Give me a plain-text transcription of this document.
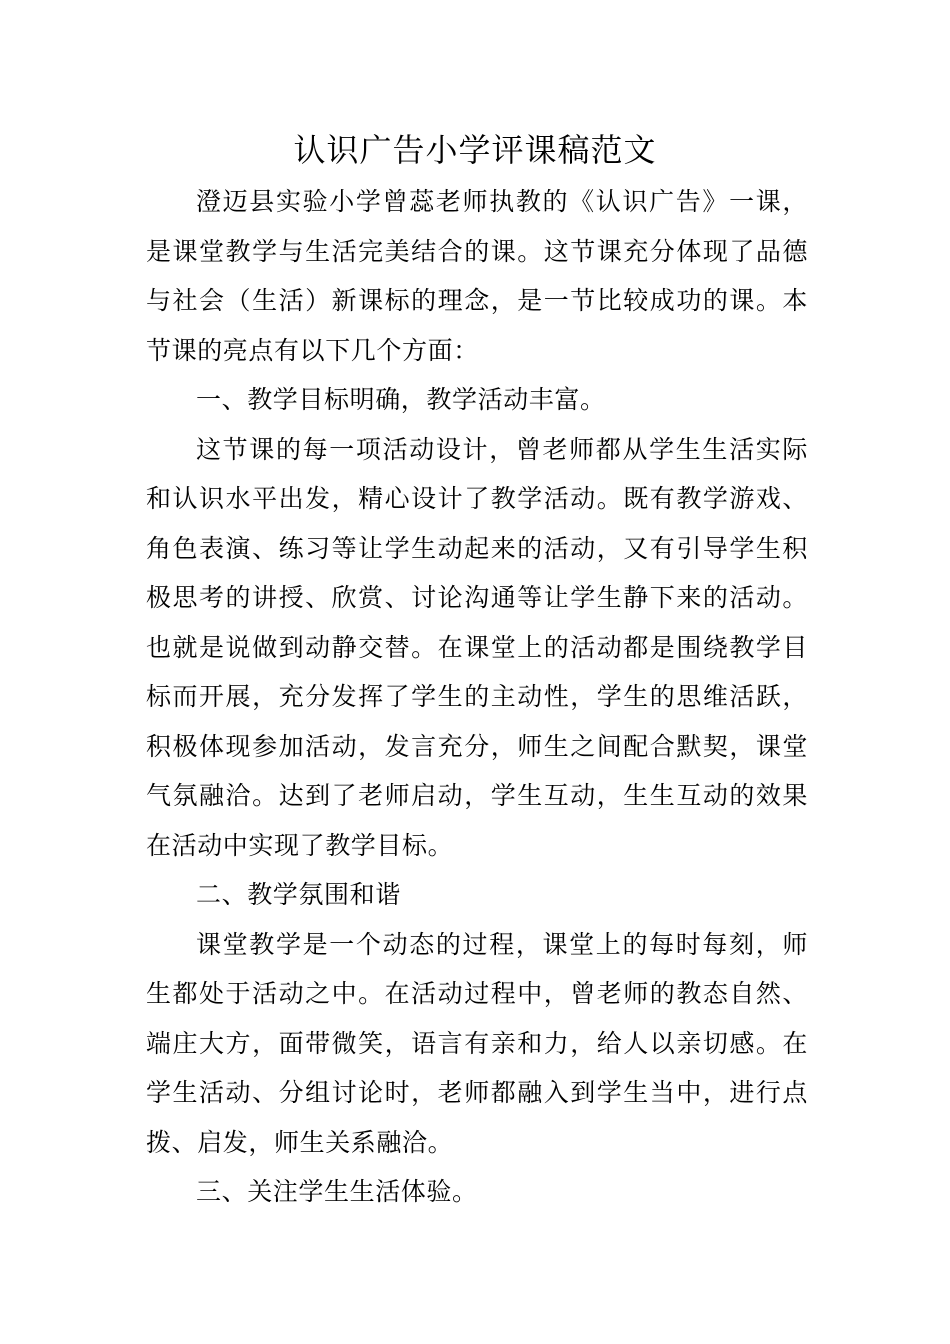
认识广告小学评课稿范文

澄迈县实验小学曾蕊老师执教的《认识广告》一课，是课堂教学与生活完美结合的课。这节课充分体现了品德与社会（生活）新课标的理念，是一节比较成功的课。本节课的亮点有以下几个方面：

一、教学目标明确，教学活动丰富。

这节课的每一项活动设计，曾老师都从学生生活实际和认识水平出发，精心设计了教学活动。既有教学游戏、角色表演、练习等让学生动起来的活动，又有引导学生积极思考的讲授、欣赏、讨论沟通等让学生静下来的活动。也就是说做到动静交替。在课堂上的活动都是围绕教学目标而开展，充分发挥了学生的主动性，学生的思维活跃，积极体现参加活动，发言充分，师生之间配合默契，课堂气氛融洽。达到了老师启动，学生互动，生生互动的效果在活动中实现了教学目标。

二、教学氛围和谐

课堂教学是一个动态的过程，课堂上的每时每刻，师生都处于活动之中。在活动过程中，曾老师的教态自然、端庄大方，面带微笑，语言有亲和力，给人以亲切感。在学生活动、分组讨论时，老师都融入到学生当中，进行点拨、启发，师生关系融洽。

三、关注学生生活体验。
